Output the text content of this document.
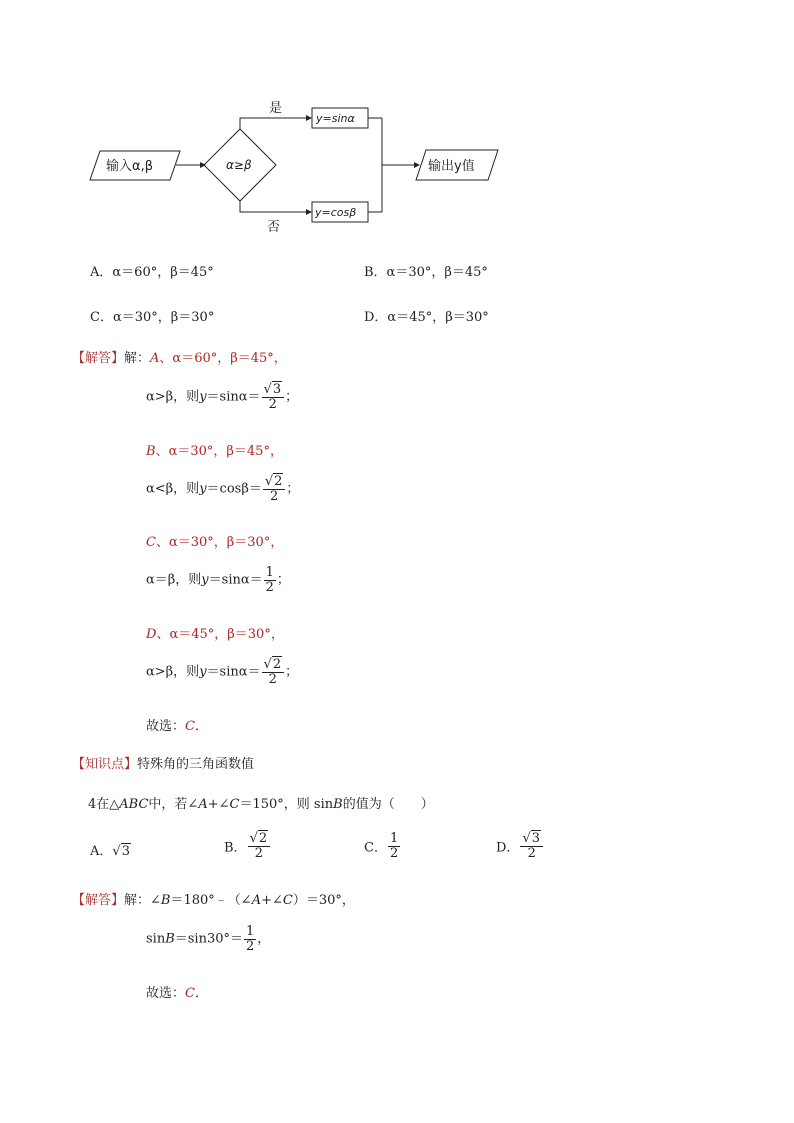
输入α,β	α≥β
是
y=sinα
否
y=cosβ
输出y值
A．α＝60°，β＝45°	B．α＝30°，β＝45°
C．α＝30°，β＝30°	D．α＝45°，β＝30°
【解答】解：A、α＝60°，β＝45°，
α>β，则$y=\sin\alpha= \frac{√3}{2}$ ；
B、α＝30°，β＝45°，
α<β，则$y=\cos\beta= \frac{√2}{2}$ ；
C、α＝30°，β＝30°，
α＝β，则$y=\sin\alpha= \frac{1}{2}$ ；
D、α＝45°，β＝30°，
α>β，则$y=\sin\alpha= \frac{√2}{2}$ ；
故选：C．
【知识点】特殊角的三角函数值
4在△ABC中，若∠A+∠C＝150°，则 sinB的值为（　　）
A．√3	B． $\frac{√2}{2}$	C． $\frac{1}{2}$	D． $\frac{√3}{2}$
【解答】解：∠B＝180°﹣（∠A+∠C）＝30°，
$\sin B=\sin 30^\circ= \frac{1}{2}$ ，
故选：C．
